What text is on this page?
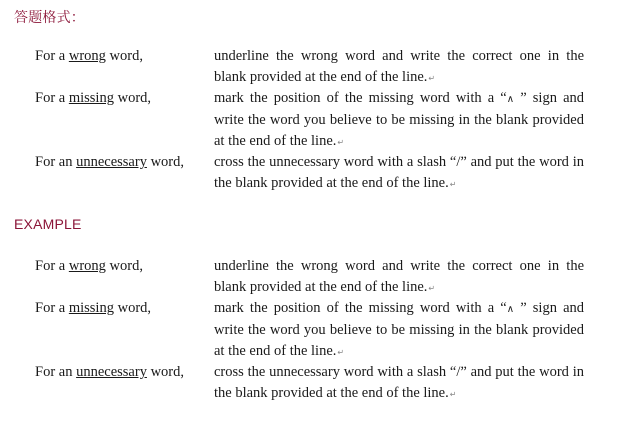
答题格式：
For a wrong word,	underline the wrong word and write the correct one in the blank provided at the end of the line.↵
For a missing word,	mark the position of the missing word with a “∧ ” sign and write the word you believe to be missing in the blank provided at the end of the line.↵
For an unnecessary word, cross the unnecessary word with a slash “/” and put the word in the blank provided at the end of the line.↵
EXAMPLE
For a wrong word,	underline the wrong word and write the correct one in the blank provided at the end of the line.↵
For a missing word,	mark the position of the missing word with a “∧ ” sign and write the word you believe to be missing in the blank provided at the end of the line.↵
For an unnecessary word, cross the unnecessary word with a slash “/” and put the word in the blank provided at the end of the line.↵
